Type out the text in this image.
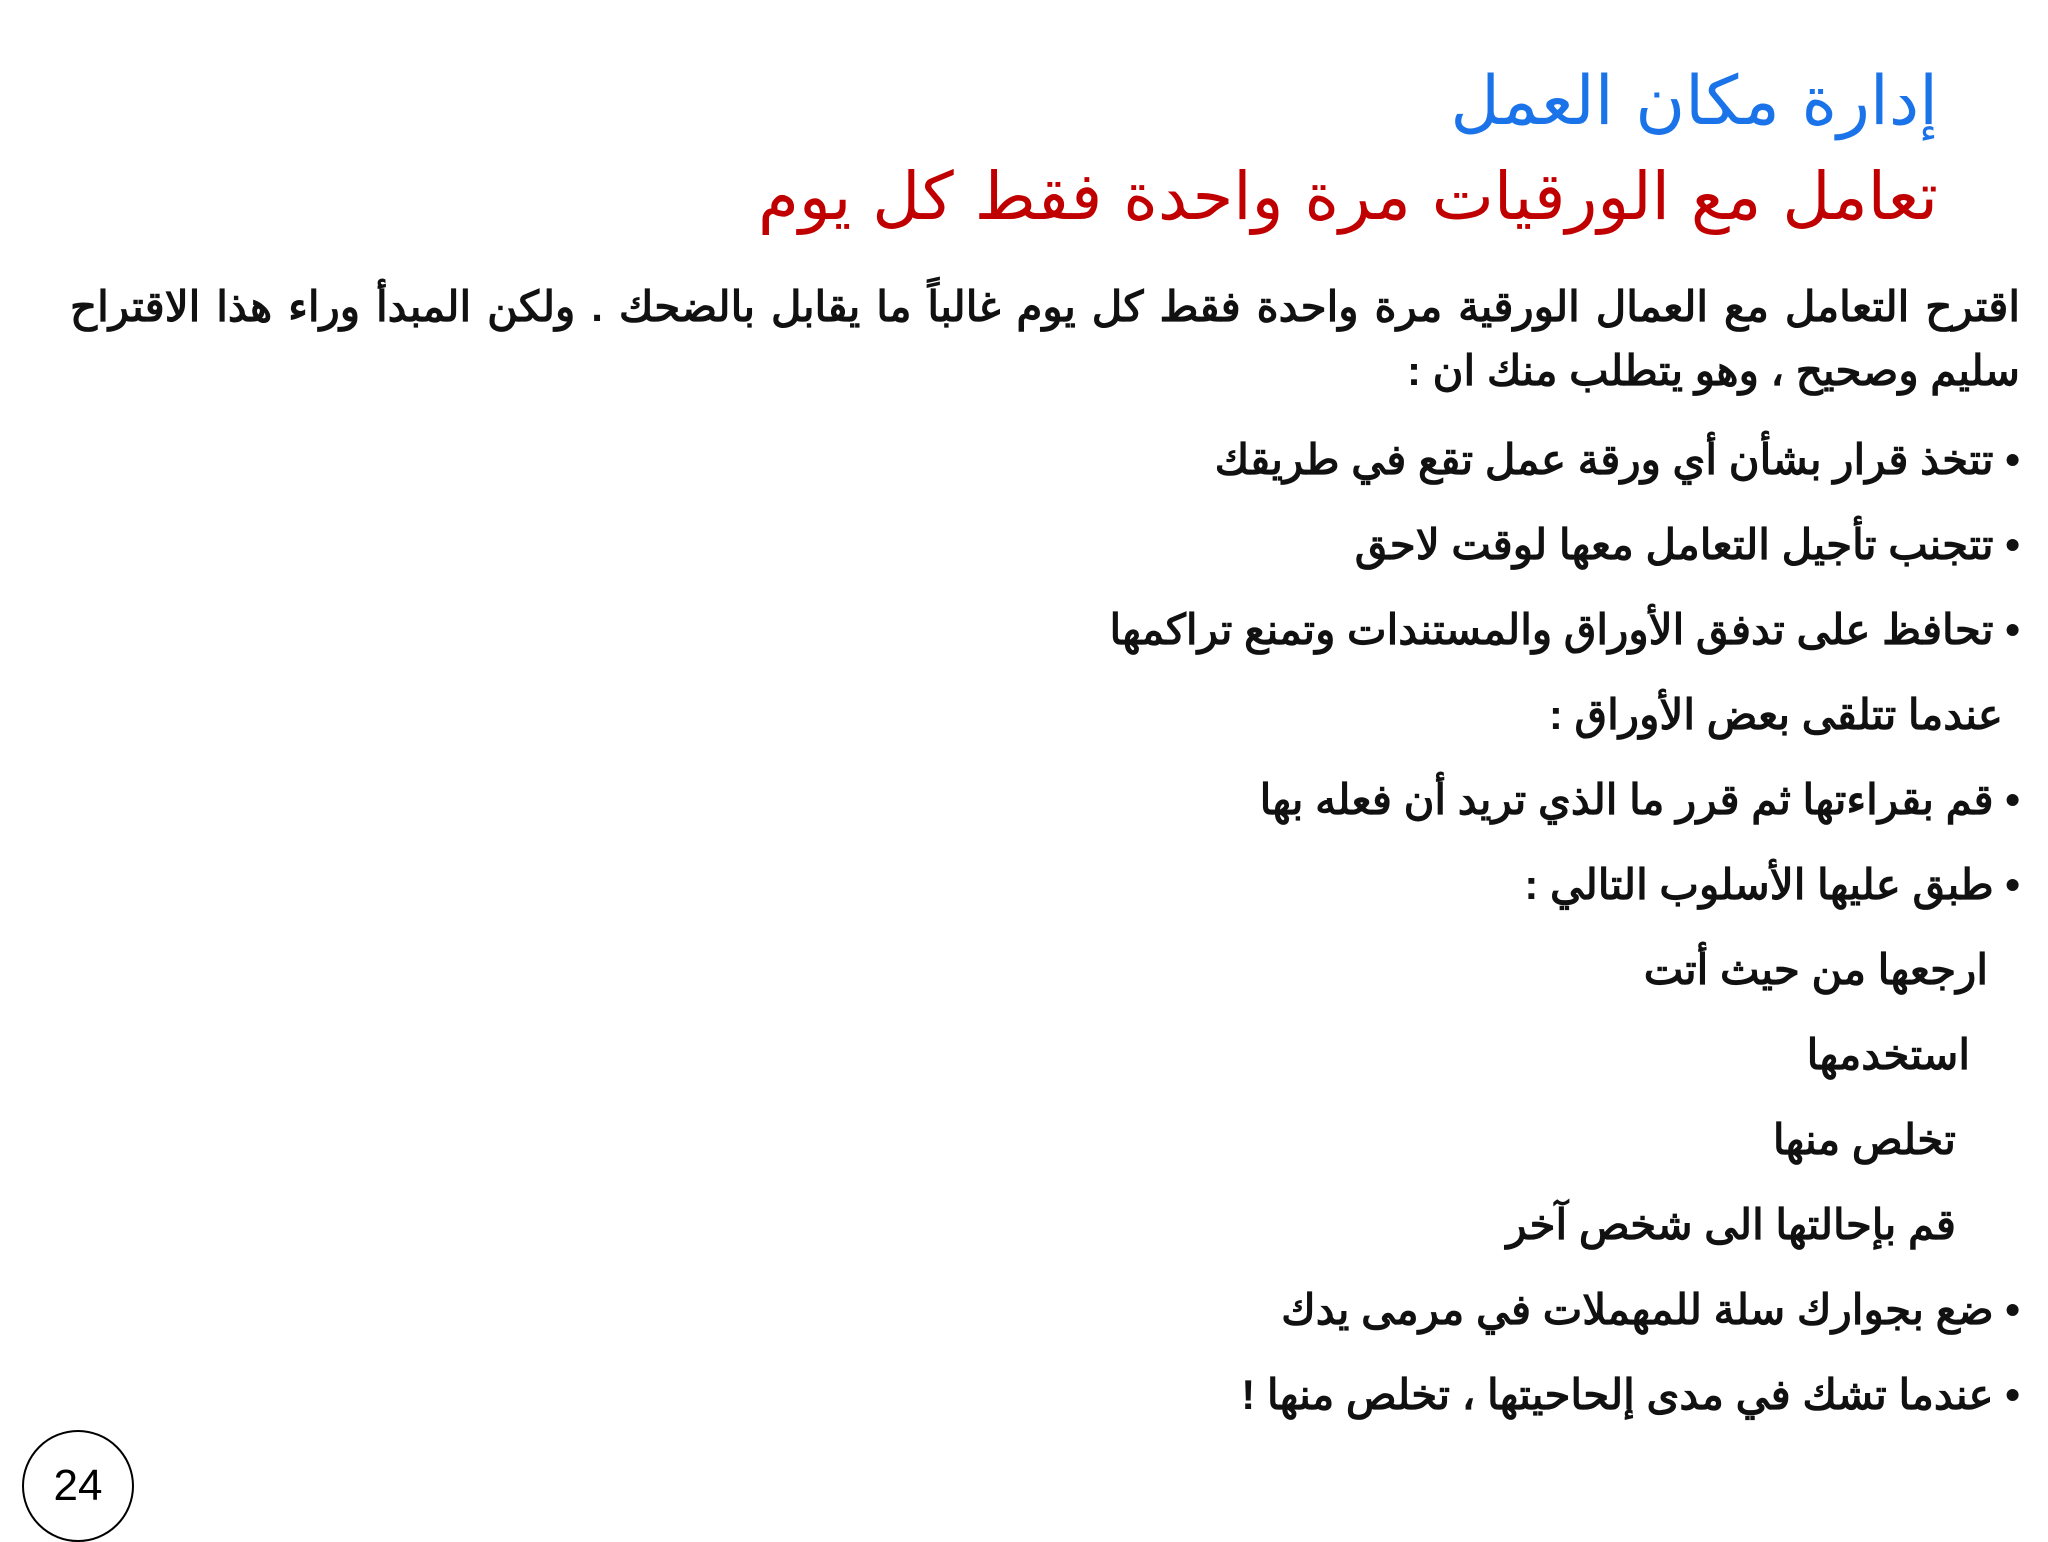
إدارة مكان العمل
تعامل مع الورقيات مرة واحدة فقط كل يوم
اقترح التعامل مع العمال الورقية مرة واحدة فقط كل يوم غالباً ما يقابل بالضحك . ولكن المبدأ وراء هذا الاقتراح سليم وصحيح ، وهو يتطلب منك ان :
• تتخذ قرار بشأن أي ورقة عمل تقع في طريقك
• تتجنب تأجيل التعامل معها لوقت لاحق
• تحافظ على تدفق الأوراق والمستندات وتمنع تراكمها
عندما تتلقى بعض الأوراق :
• قم بقراءتها ثم قرر ما الذي تريد أن فعله بها
• طبق عليها الأسلوب التالي :
ارجعها من حيث أتت
استخدمها
تخلص منها
قم بإحالتها الى شخص آخر
• ضع بجوارك سلة للمهملات في مرمى يدك
• عندما تشك في مدى إلحاحيتها ، تخلص منها !
24
